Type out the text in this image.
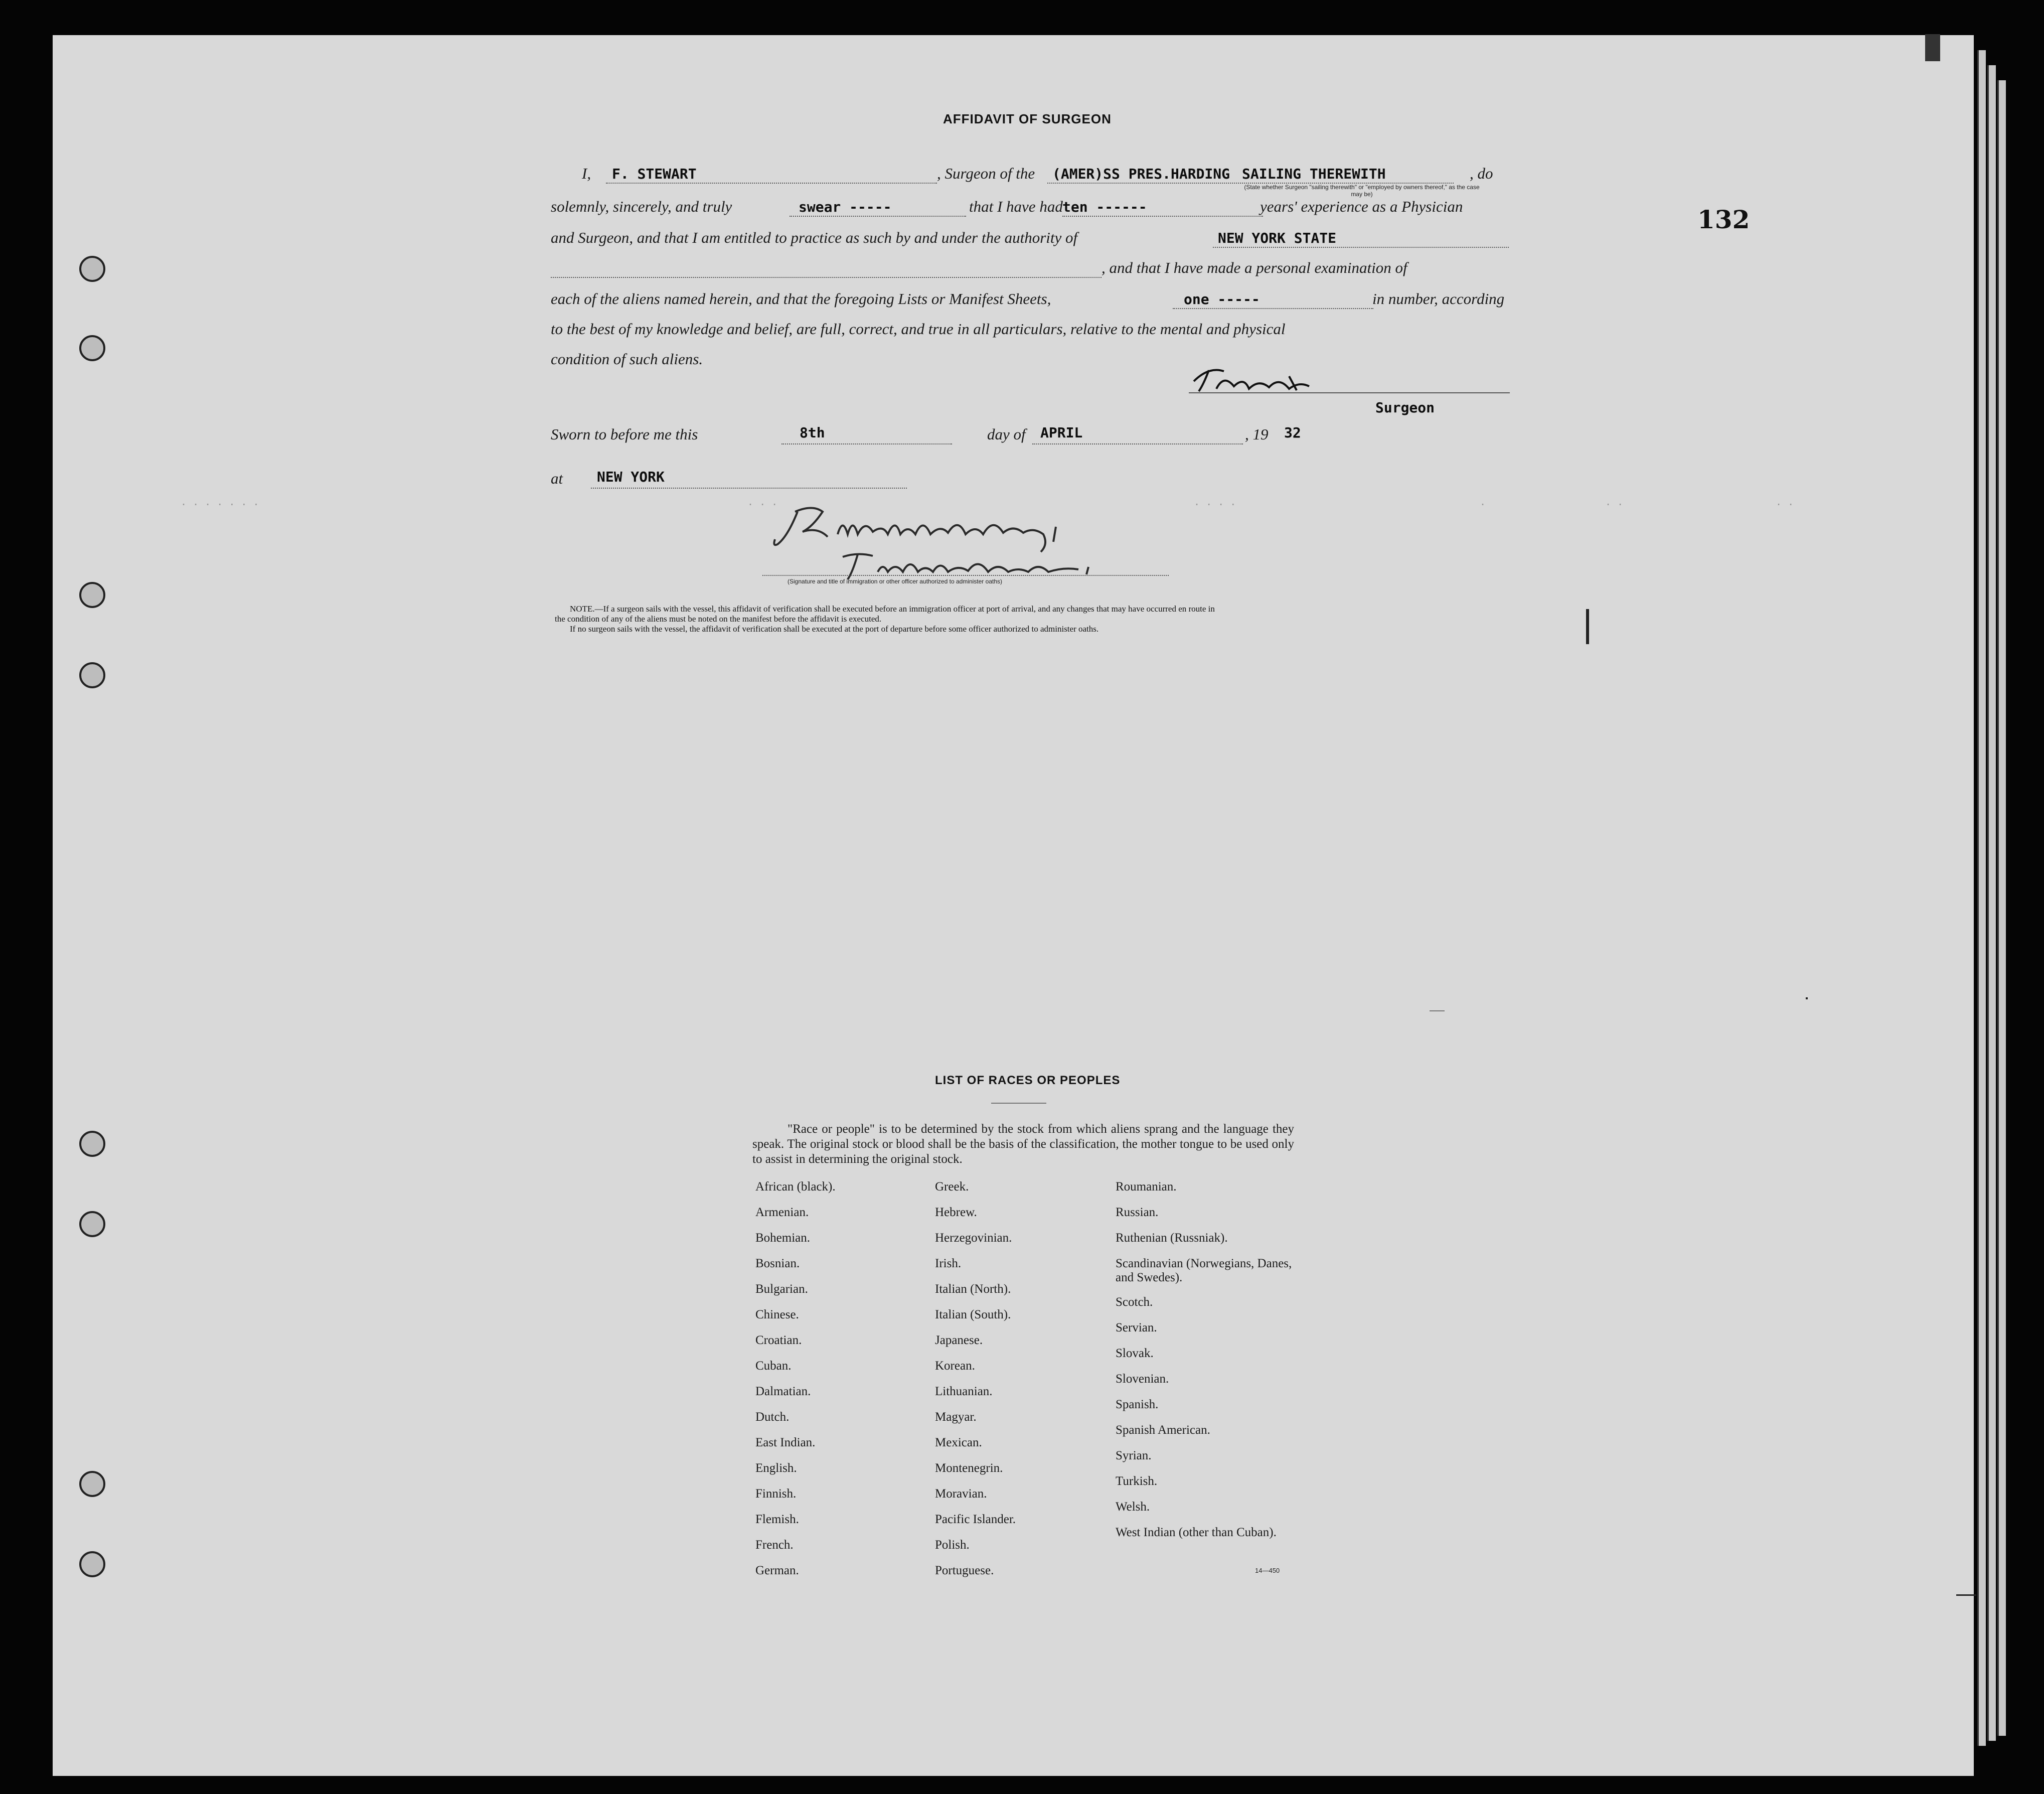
132
AFFIDAVIT OF SURGEON
I, F. STEWART	, Surgeon of the (AMER)SS PRES.HARDING SAILING THEREWITH	, do
(State whether Surgeon "sailing therewith" or "employed by owners thereof," as the case may be)
solemnly, sincerely, and truly	swear -----	that I have had ten ------	years' experience as a Physician
and Surgeon, and that I am entitled to practice as such by and under the authority of	NEW YORK STATE
, and that I have made a personal examination of
each of the aliens named herein, and that the foregoing Lists or Manifest Sheets,	one -----	in number, according
to the best of my knowledge and belief, are full, correct, and true in all particulars, relative to the mental and physical
condition of such aliens.
Surgeon
Sworn to before me this	8th	day of APRIL	, 19 32
at NEW YORK
. . . . . . .	. . .	. . . .	.	. .	. .
(Signature and title of immigration or other officer authorized to administer oaths)
NOTE.—If a surgeon sails with the vessel, this affidavit of verification shall be executed before an immigration officer at port of arrival, and any changes that may have occurred en route in
the condition of any of the aliens must be noted on the manifest before the affidavit is executed.
If no surgeon sails with the vessel, the affidavit of verification shall be executed at the port of departure before some officer authorized to administer oaths.
LIST OF RACES OR PEOPLES
"Race or people" is to be determined by the stock from which aliens sprang and the language they speak. The original stock or blood shall be the basis of the classification, the mother tongue to be used only to assist in determining the original stock.
African (black).
Armenian.
Bohemian.
Bosnian.
Bulgarian.
Chinese.
Croatian.
Cuban.
Dalmatian.
Dutch.
East Indian.
English.
Finnish.
Flemish.
French.
German.
Greek.
Hebrew.
Herzegovinian.
Irish.
Italian (North).
Italian (South).
Japanese.
Korean.
Lithuanian.
Magyar.
Mexican.
Montenegrin.
Moravian.
Pacific Islander.
Polish.
Portuguese.
Roumanian.
Russian.
Ruthenian (Russniak).
Scandinavian (Norwegians, Danes, and Swedes).
Scotch.
Servian.
Slovak.
Slovenian.
Spanish.
Spanish American.
Syrian.
Turkish.
Welsh.
West Indian (other than Cuban).
14—450
